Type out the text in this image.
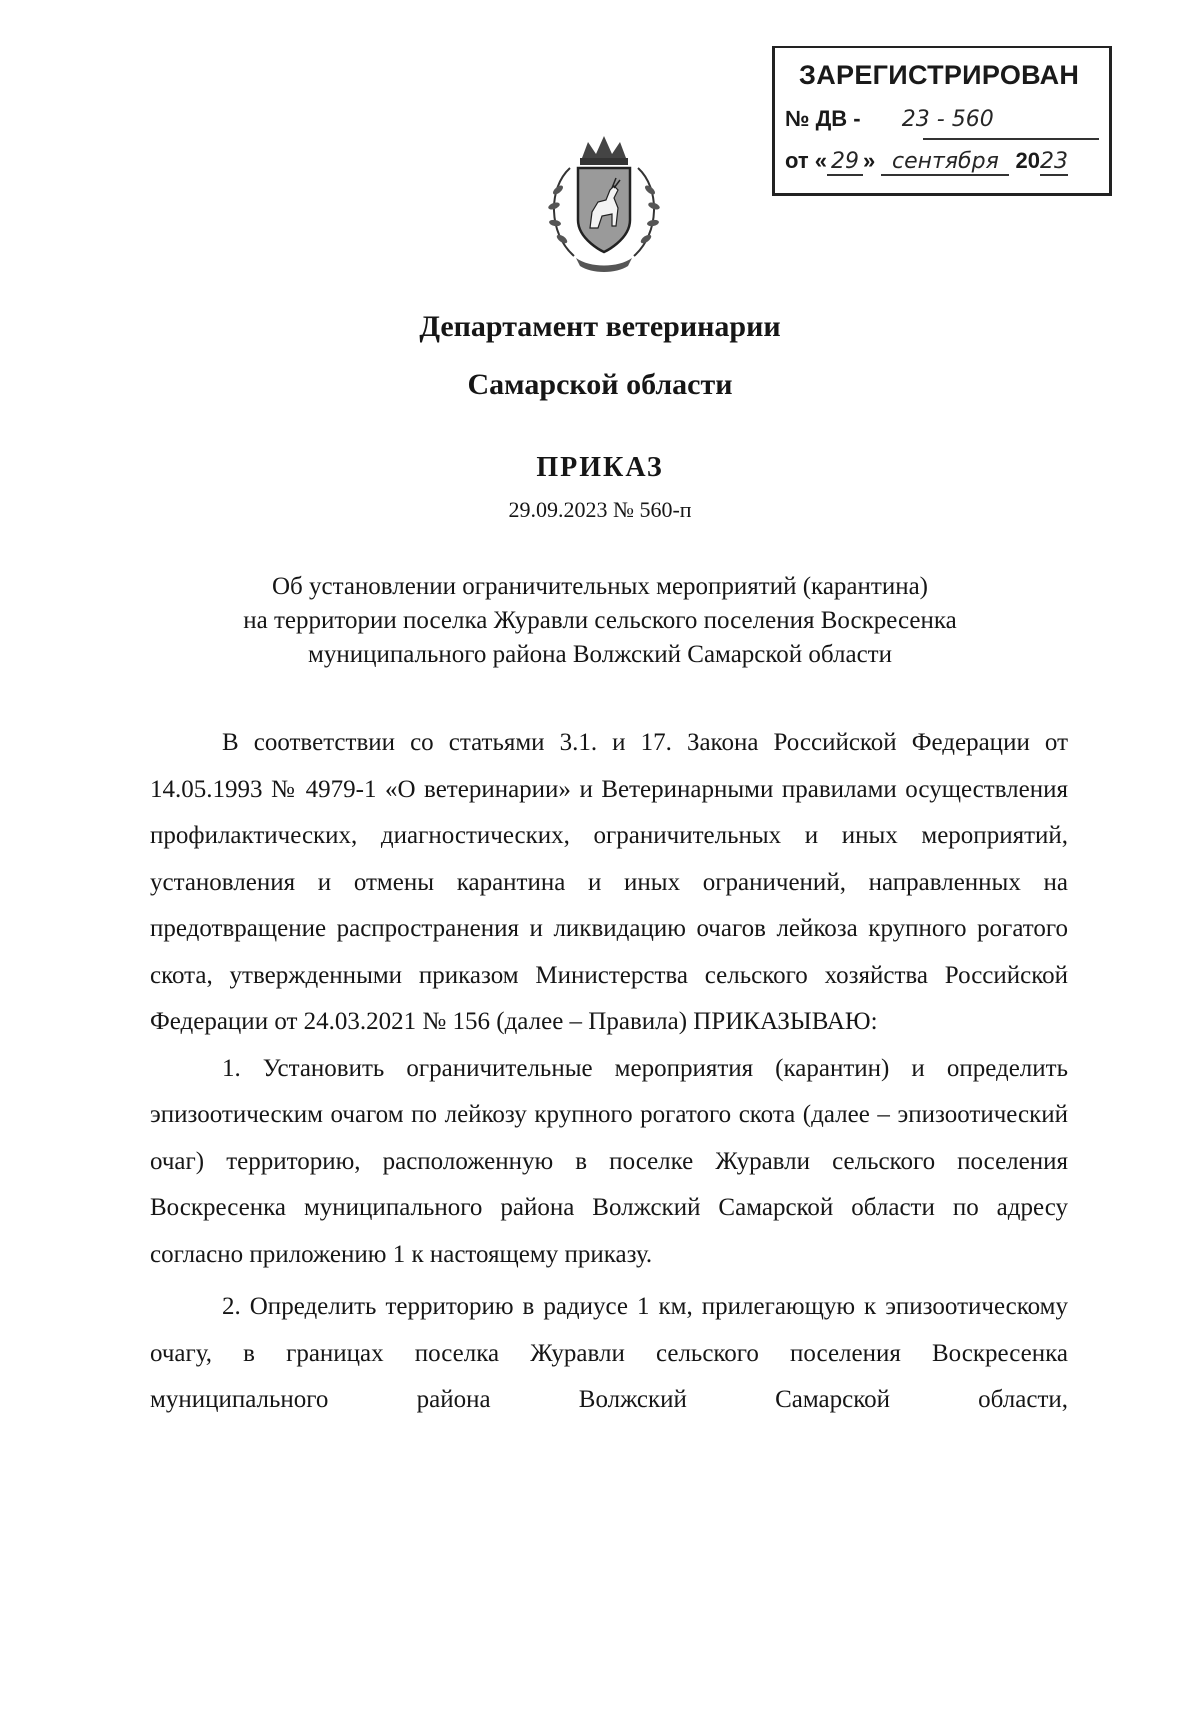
ЗАРЕГИСТРИРОВАН
№ ДВ - 23 - 560
от « 29 » сентября 2023
Департамент ветеринарии
Самарской области
ПРИКАЗ
29.09.2023 № 560-п
Об установлении ограничительных мероприятий (карантина)
на территории поселка Журавли сельского поселения Воскресенка
муниципального района Волжский Самарской области

В соответствии со статьями 3.1. и 17. Закона Российской Федерации от 14.05.1993 № 4979-1 «О ветеринарии» и Ветеринарными правилами осуществления профилактических, диагностических, ограничительных и иных мероприятий, установления и отмены карантина и иных ограничений, направленных на предотвращение распространения и ликвидацию очагов лейкоза крупного рогатого скота, утвержденными приказом Министерства сельского хозяйства Российской Федерации от 24.03.2021 № 156 (далее – Правила) ПРИКАЗЫВАЮ:

1. Установить ограничительные мероприятия (карантин) и определить эпизоотическим очагом по лейкозу крупного рогатого скота (далее – эпизоотический очаг) территорию, расположенную в поселке Журавли сельского поселения Воскресенка муниципального района Волжский Самарской области по адресу согласно приложению 1 к настоящему приказу.

2. Определить территорию в радиусе 1 км, прилегающую к эпизоотическому очагу, в границах поселка Журавли сельского поселения Воскресенка муниципального района Волжский Самарской области,
